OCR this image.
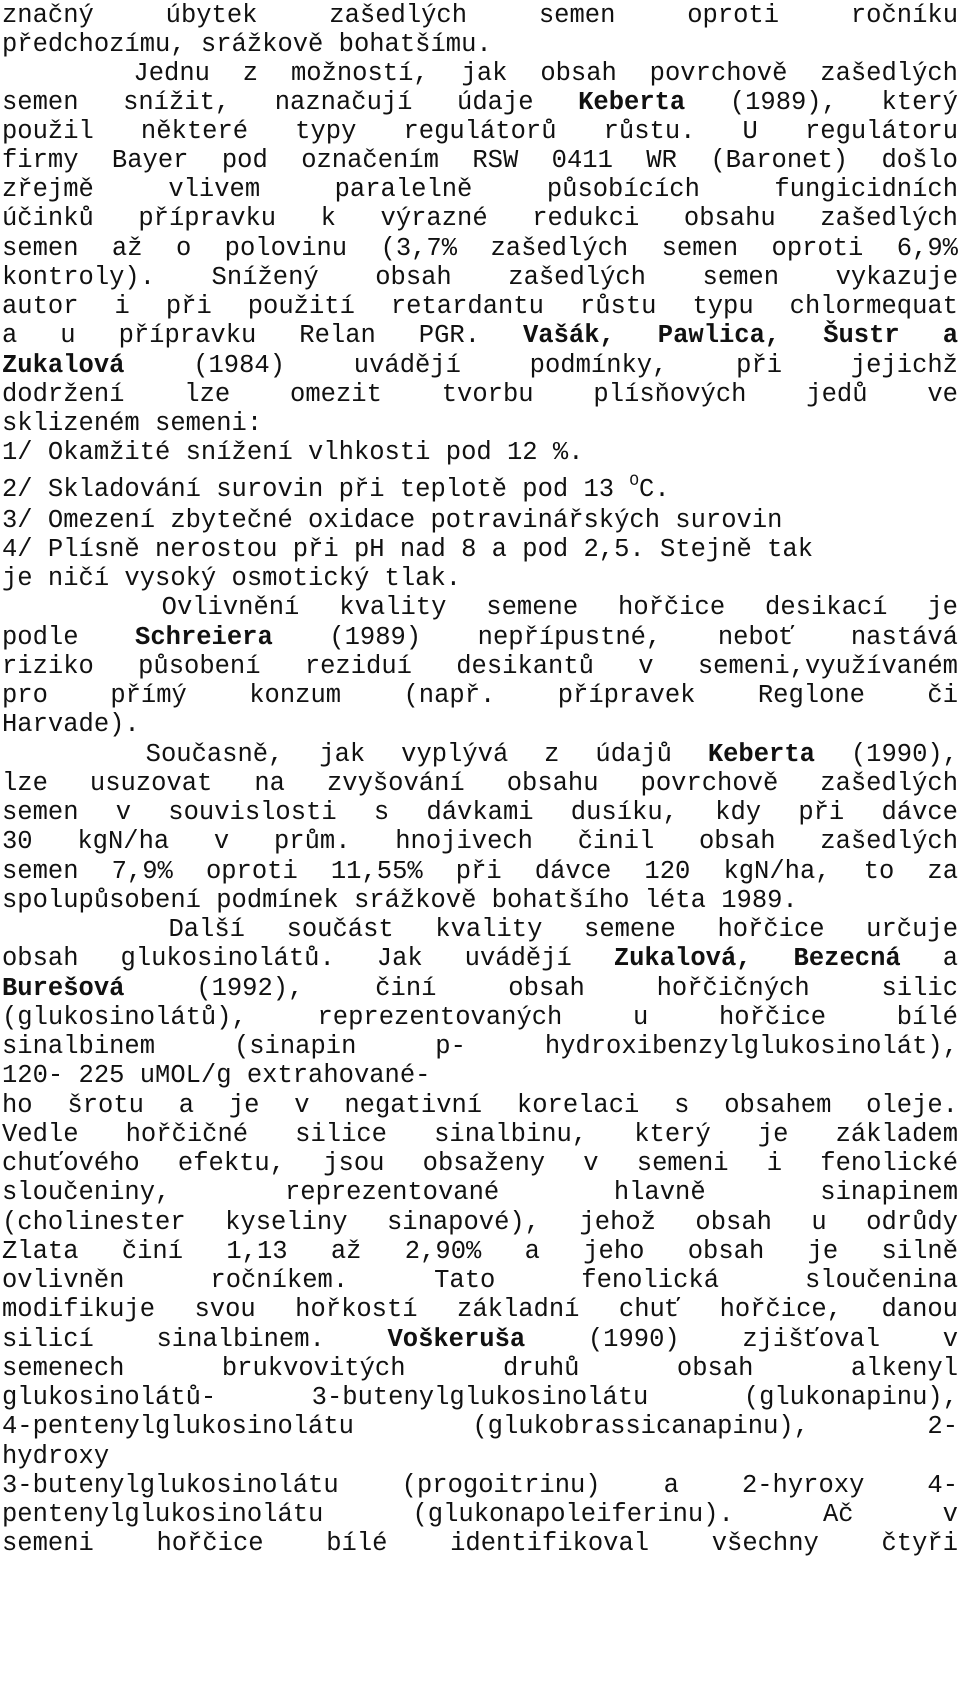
značný úbytek zašedlých semen oproti ročníku
předchozímu, srážkově bohatšímu.
Jednu z možností, jak obsah povrchově zašedlých
semen snížit, naznačují údaje Keberta (1989), který
použil některé typy regulátorů růstu. U regulátoru
firmy Bayer pod označením RSW 0411 WR (Baronet) došlo
zřejmě vlivem paralelně působících fungicidních
účinků přípravku k výrazné redukci obsahu zašedlých
semen až o polovinu (3,7% zašedlých semen oproti 6,9%
kontroly). Snížený obsah zašedlých semen vykazuje
autor i při použití retardantu růstu typu chlormequat
a u přípravku Relan PGR. Vašák, Pawlica, Šustr a
Zukalová (1984) uvádějí podmínky, při jejichž
dodržení lze omezit tvorbu plísňových jedů ve
sklizeném semeni:
1/ Okamžité snížení vlhkosti pod 12 %.
2/ Skladování surovin při teplotě pod 13 $^O$C.
3/ Omezení zbytečné oxidace potravinářských surovin
4/ Plísně nerostou při pH nad 8 a pod 2,5. Stejně tak
je ničí vysoký osmotický tlak.
Ovlivnění kvality semene hořčice desikací je
podle Schreiera (1989) nepřípustné, neboť nastává
riziko působení reziduí desikantů v semeni,využívaném
pro přímý konzum (např. přípravek Reglone či
Harvade).
Současně, jak vyplývá z údajů Keberta (1990),
lze usuzovat na zvyšování obsahu povrchově zašedlých
semen v souvislosti s dávkami dusíku, kdy při dávce
30 kgN/ha v prům. hnojivech činil obsah zašedlých
semen 7,9% oproti 11,55% při dávce 120 kgN/ha, to za
spolupůsobení podmínek srážkově bohatšího léta 1989.
Další součást kvality semene hořčice určuje
obsah glukosinolátů. Jak uvádějí Zukalová, Bezecná a
Burešová (1992), činí obsah hořčičných silic
(glukosinolátů), reprezentovaných u hořčice bílé
sinalbinem (sinapin p- hydroxibenzylglukosinolát),
120- 225 uMOL/g extrahované-
ho šrotu a je v negativní korelaci s obsahem oleje.
Vedle hořčičné silice sinalbinu, který je základem
chuťového efektu, jsou obsaženy v semeni i fenolické
sloučeniny, reprezentované hlavně sinapinem
(cholinester kyseliny sinapové), jehož obsah u odrůdy
Zlata činí 1,13 až 2,90% a jeho obsah je silně
ovlivněn ročníkem. Tato fenolická sloučenina
modifikuje svou hořkostí základní chuť hořčice, danou
silicí sinalbinem. Voškeruša (1990) zjišťoval v
semenech brukvovitých druhů obsah alkenyl
glukosinolátů- 3-butenylglukosinolátu (glukonapinu),
4-pentenylglukosinolátu (glukobrassicanapinu), 2-
hydroxy
3-butenylglukosinolátu (progoitrinu) a 2-hyroxy 4-
pentenylglukosinolátu (glukonapoleiferinu). Ač v
semeni hořčice bílé identifikoval všechny čtyři
